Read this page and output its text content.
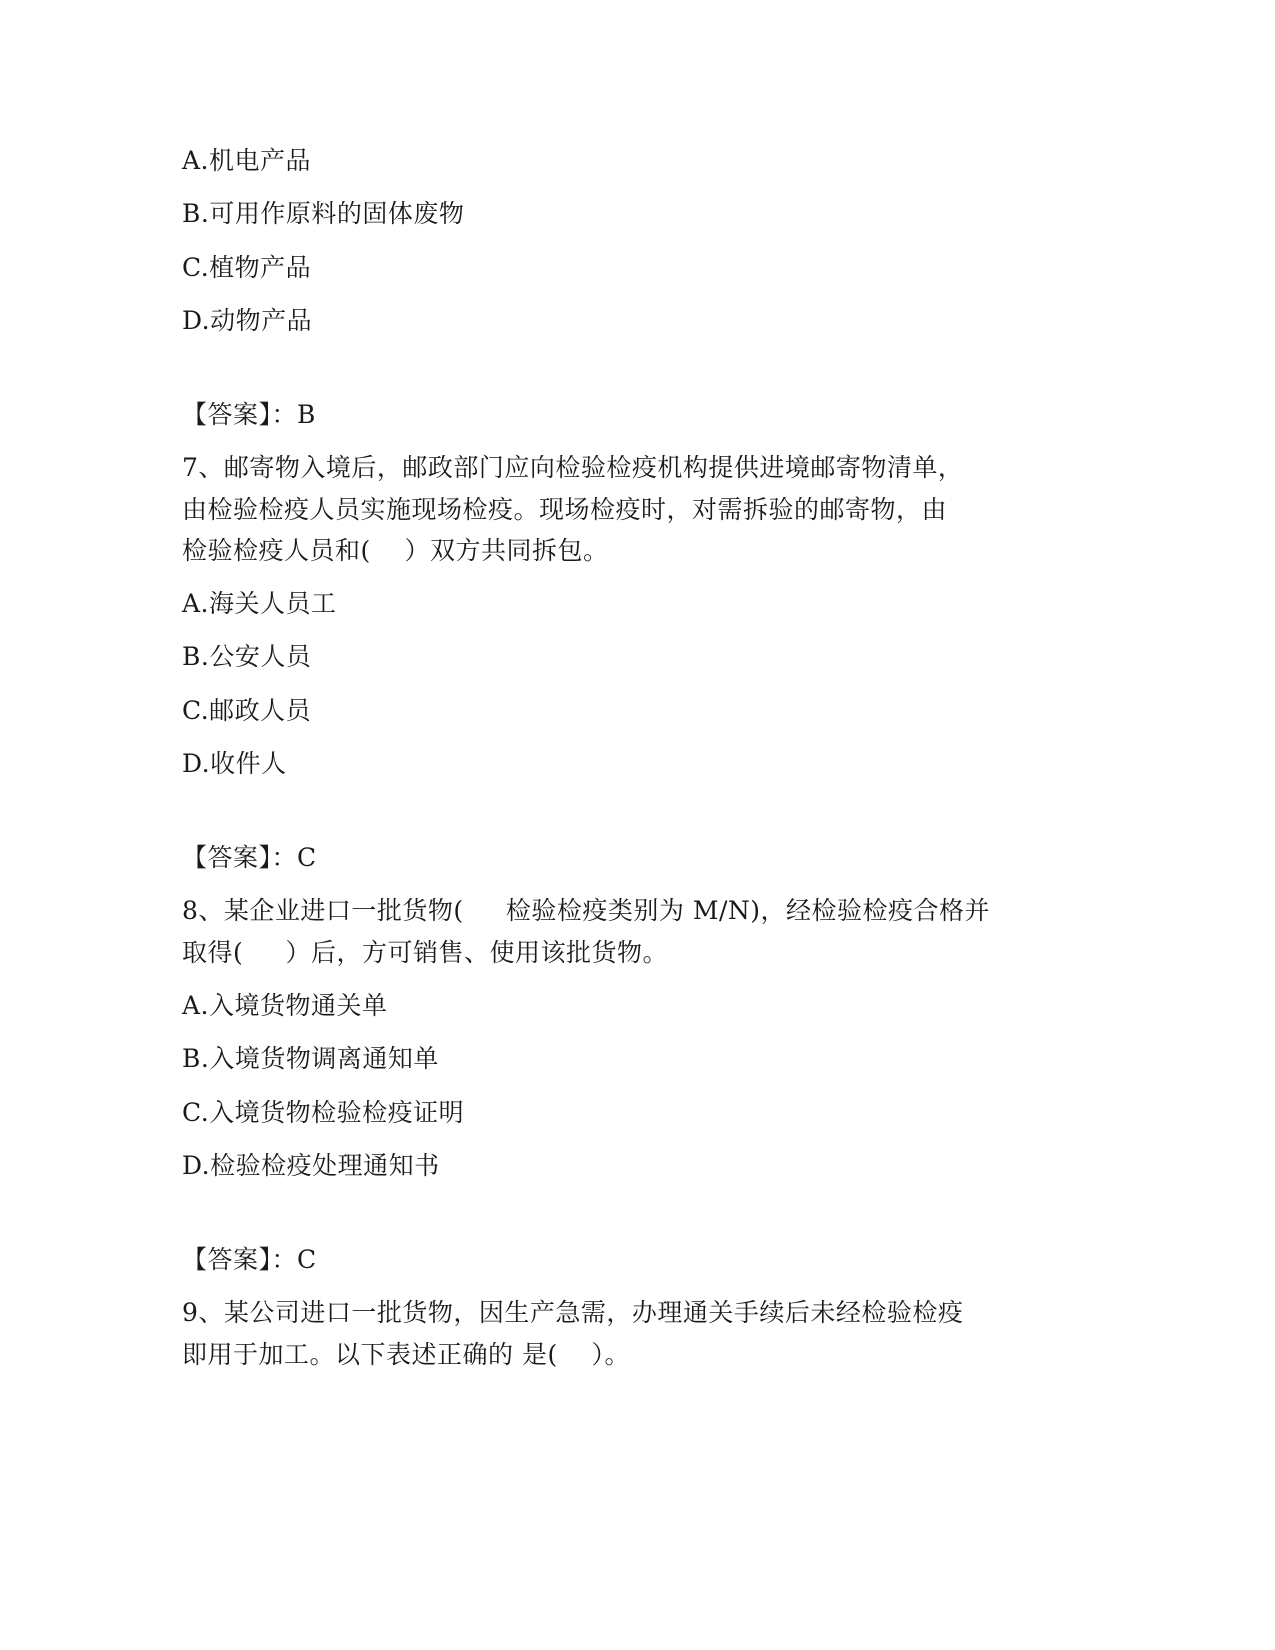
A.机电产品
B.可用作原料的固体废物
C.植物产品
D.动物产品
【答案】：B
7、邮寄物入境后，邮政部门应向检验检疫机构提供进境邮寄物清单，
由检验检疫人员实施现场检疫。现场检疫时，对需拆验的邮寄物，由
检验检疫人员和(    ）双方共同拆包。
A.海关人员工
B.公安人员
C.邮政人员
D.收件人
【答案】：C
8、某企业进口一批货物(     检验检疫类别为 M/N)，经检验检疫合格并
取得(     ）后，方可销售、使用该批货物。
A.入境货物通关单
B.入境货物调离通知单
C.入境货物检验检疫证明
D.检验检疫处理通知书
【答案】：C
9、某公司进口一批货物，因生产急需，办理通关手续后未经检验检疫
即用于加工。以下表述正确的 是(    ）。
